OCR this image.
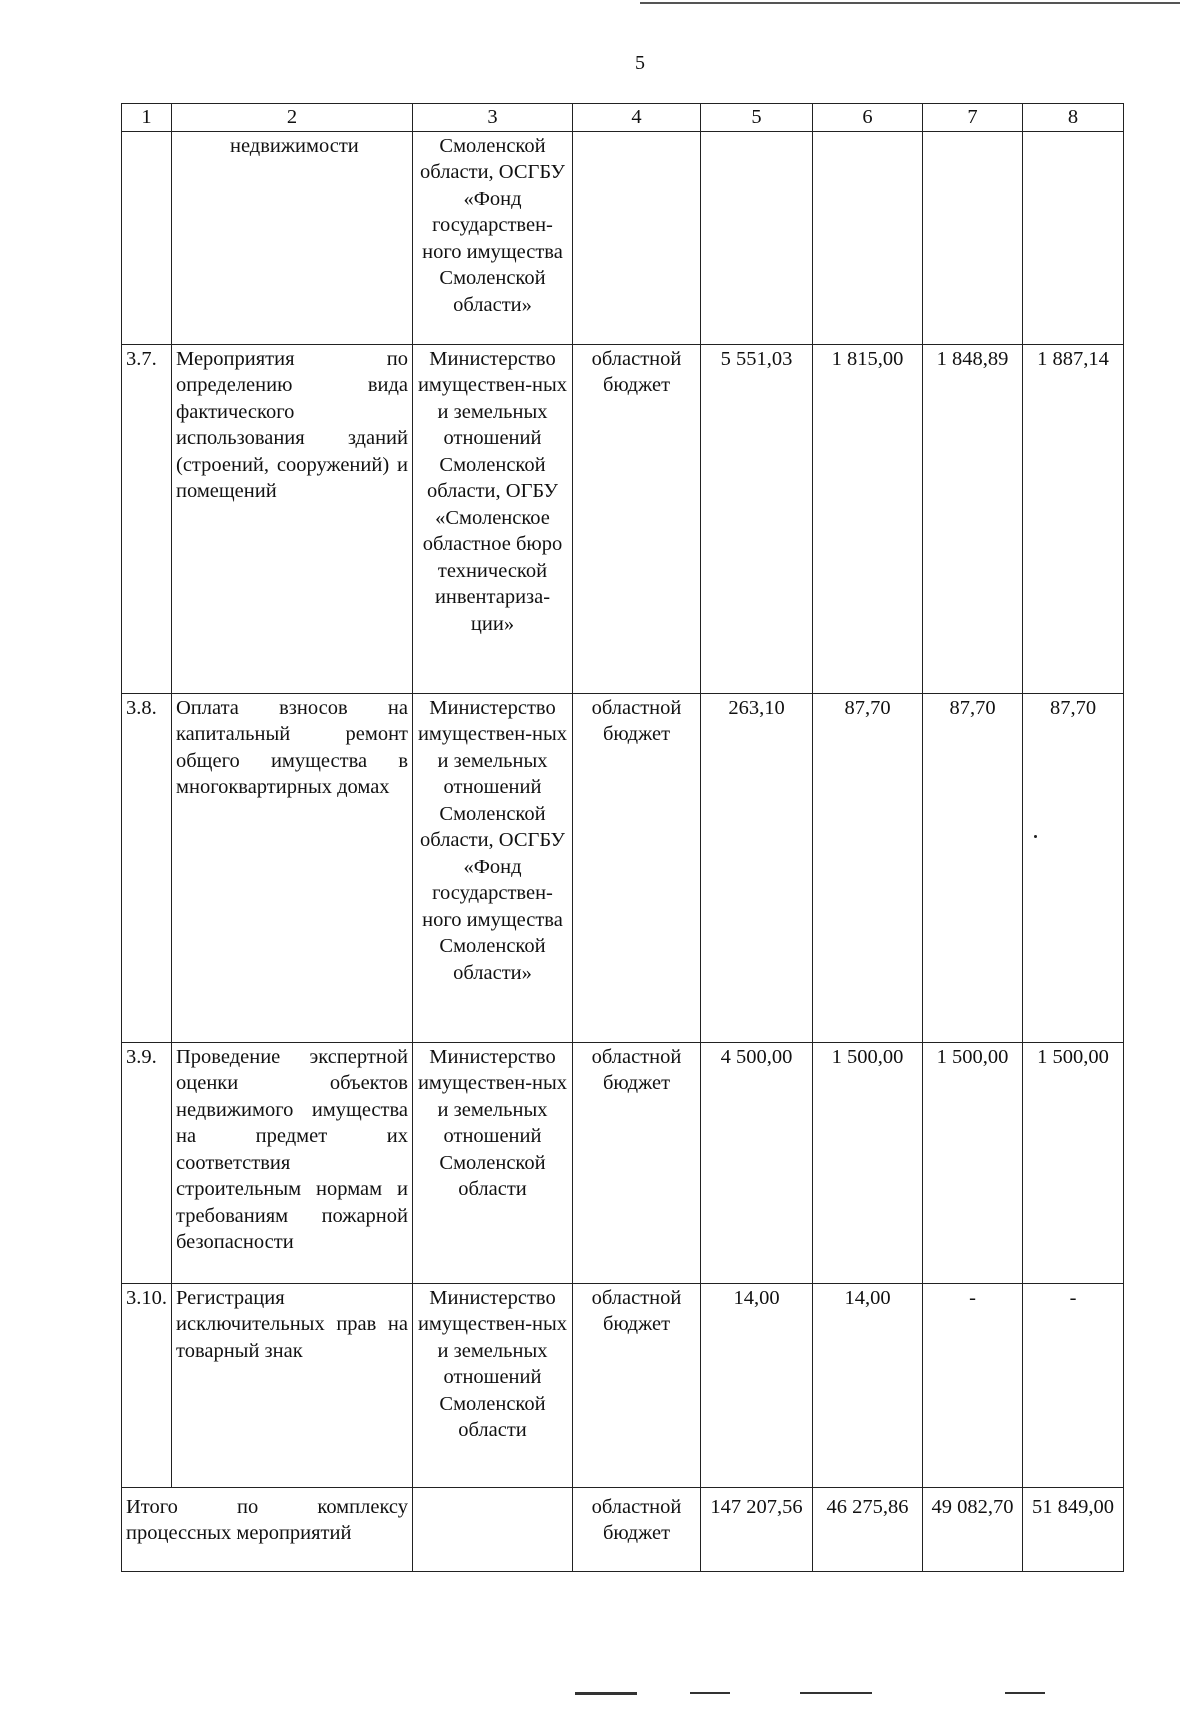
5
1	2	3	4	5	6	7	8
	недвижимости	Смоленской области, ОСГБУ «Фонд государствен-ного имущества Смоленской области»					
3.7.	Мероприятия по определению вида фактического использования зданий (строений, сооружений) и помещений	Министерство имуществен-ных и земельных отношений Смоленской области, ОГБУ «Смоленское областное бюро технической инвентариза-ции»	областной бюджет	5 551,03	1 815,00	1 848,89	1 887,14
3.8.	Оплата взносов на капитальный ремонт общего имущества в многоквартирных домах	Министерство имуществен-ных и земельных отношений Смоленской области, ОСГБУ «Фонд государствен-ного имущества Смоленской области»	областной бюджет	263,10	87,70	87,70	87,70
3.9.	Проведение экспертной оценки объектов недвижимого имущества на предмет их соответствия строительным нормам и требованиям пожарной безопасности	Министерство имуществен-ных и земельных отношений Смоленской области	областной бюджет	4 500,00	1 500,00	1 500,00	1 500,00
3.10.	Регистрация исключительных прав на товарный знак	Министерство имуществен-ных и земельных отношений Смоленской области	областной бюджет	14,00	14,00	-	-
Итого по комплексу процессных мероприятий			областной бюджет	147 207,56	46 275,86	49 082,70	51 849,00
